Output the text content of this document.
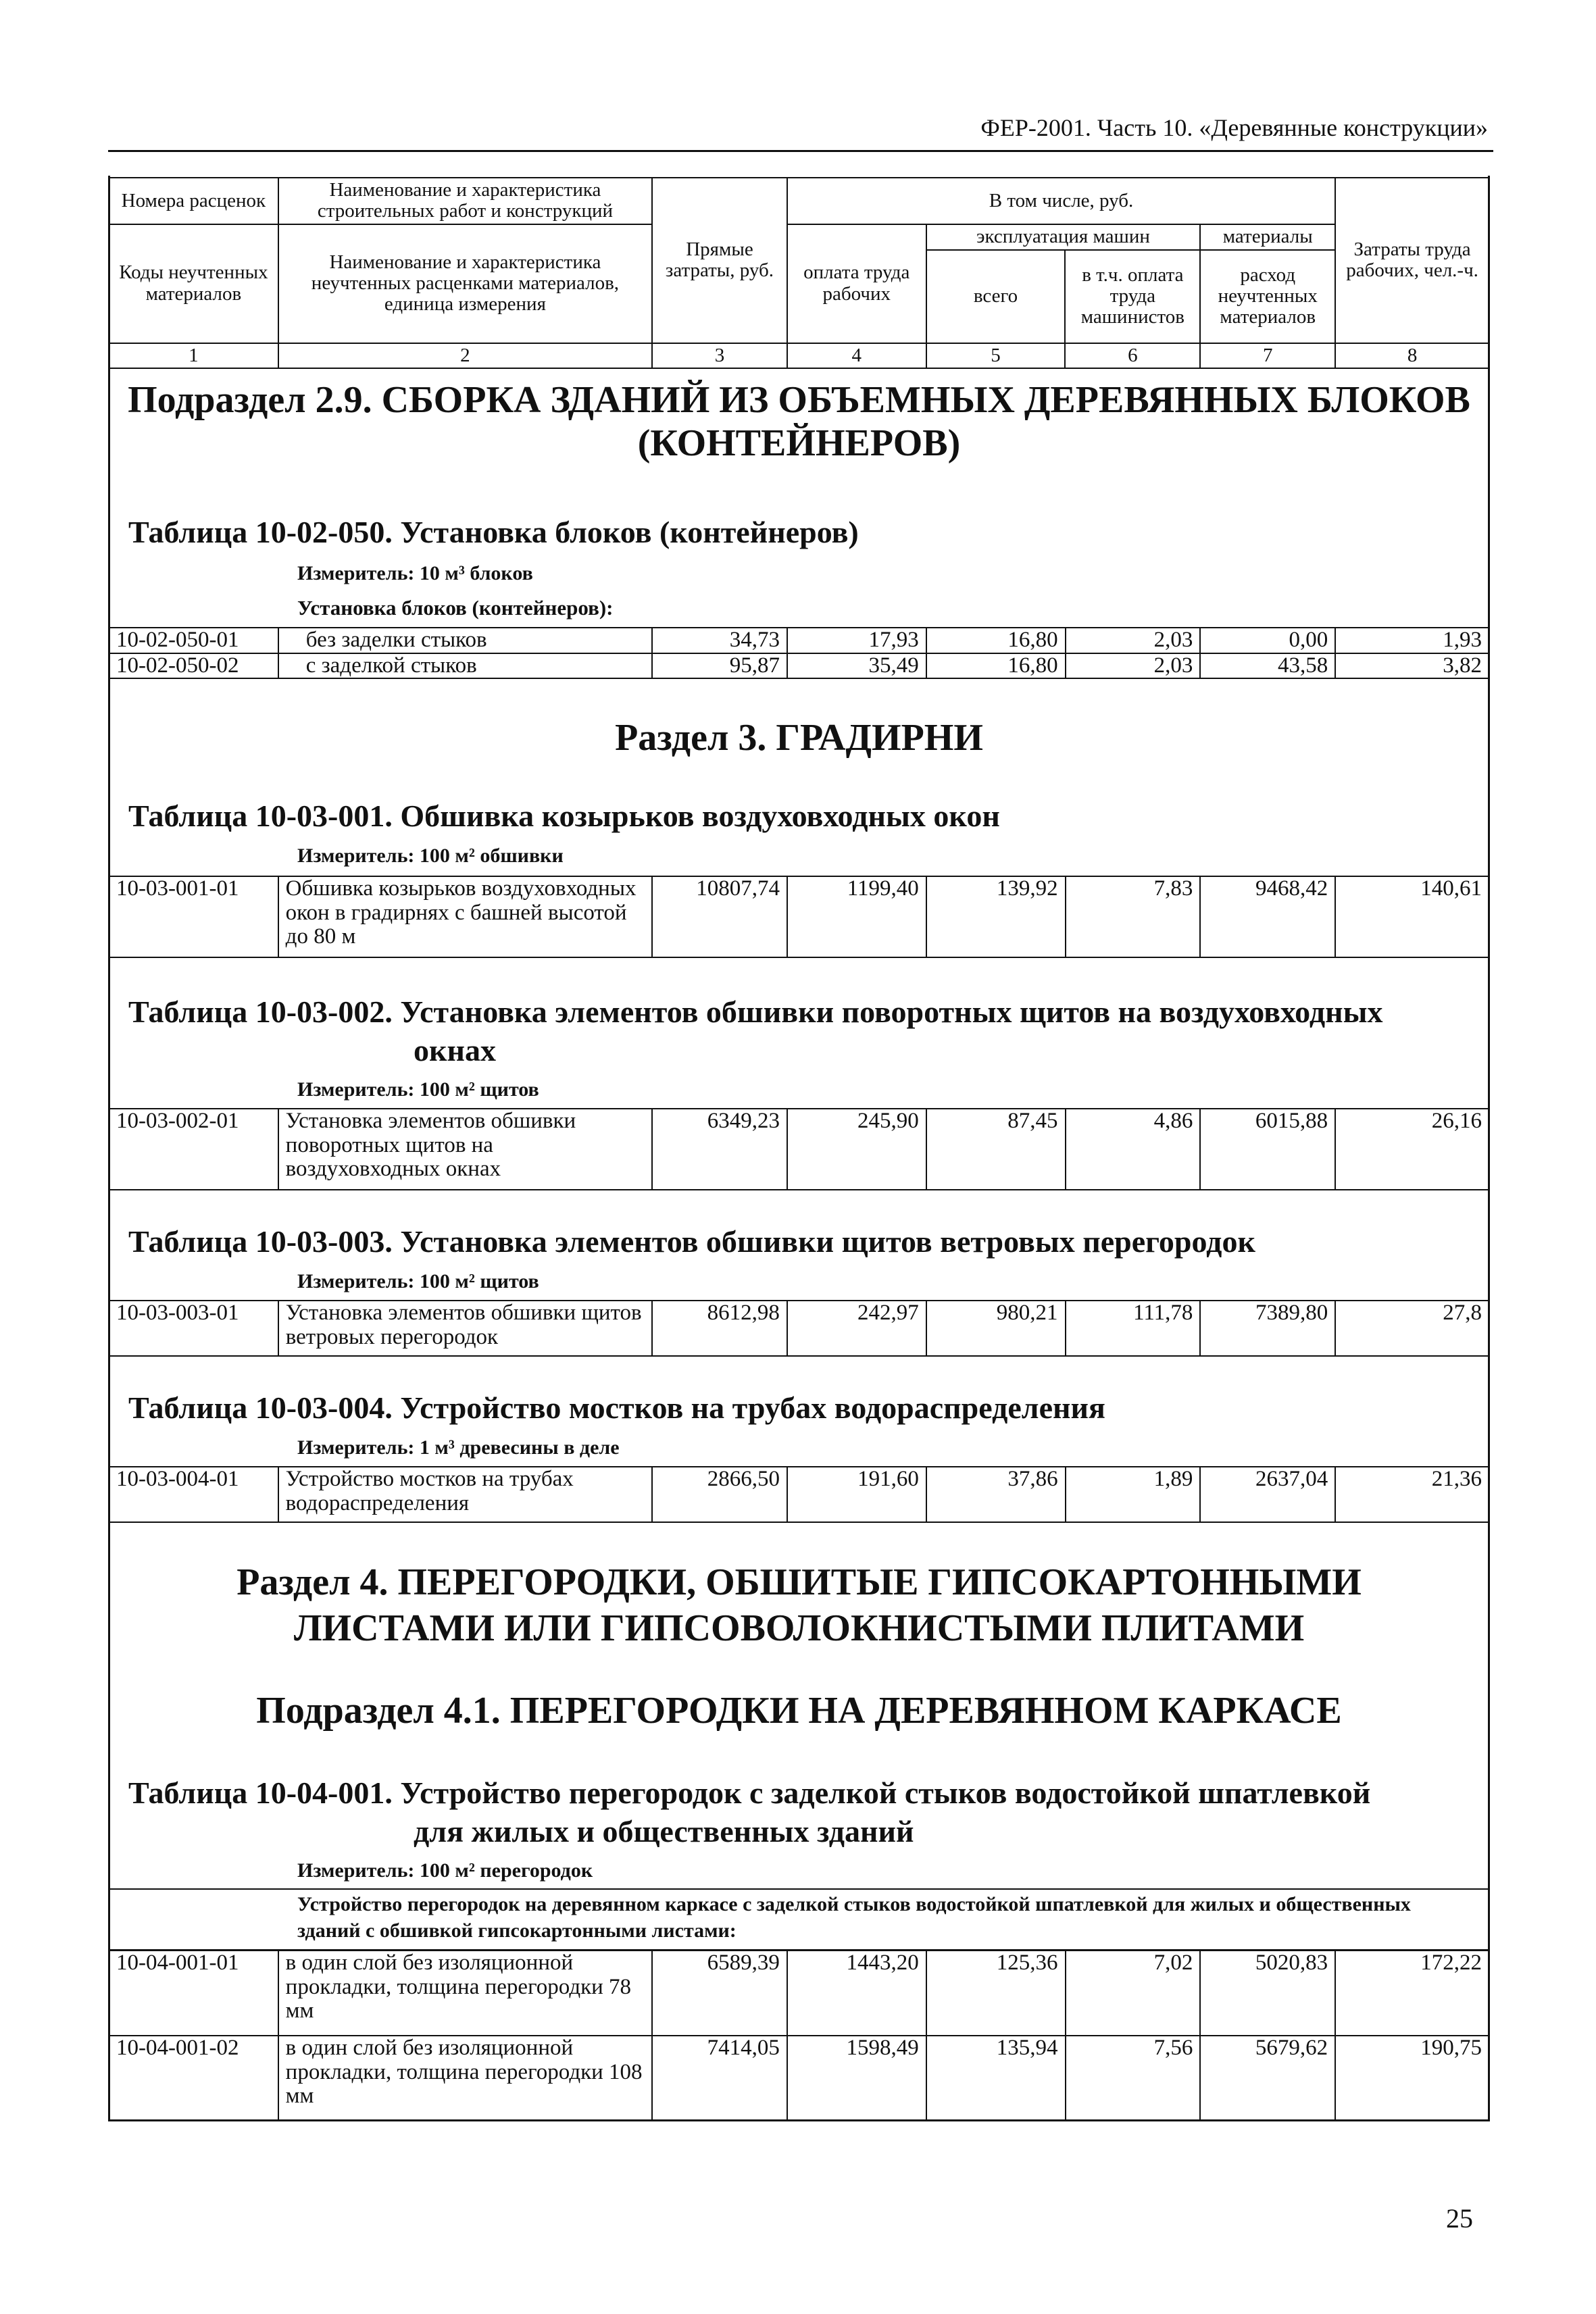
ФЕР-2001. Часть 10. «Деревянные конструкции»
Номера расценок	Наименование и характеристика строительных работ и конструкций	Прямые затраты, руб.	В том числе, руб.				Затраты труда рабочих, чел.-ч.
Коды неучтенных материалов	Наименование и характеристика неучтенных расценками материалов, единица измерения		оплата труда рабочих	эксплуатация машин		материалы	
				всего	в т.ч. оплата труда машинистов	расход неучтенных материалов	
1	2	3	4	5	6	7	8
Подраздел 2.9. СБОРКА ЗДАНИЙ ИЗ ОБЪЕМНЫХ ДЕРЕВЯННЫХ БЛОКОВ (КОНТЕЙНЕРОВ)
Таблица 10-02-050. Установка блоков (контейнеров)
Измеритель: 10 м³ блоков
Установка блоков (контейнеров):
10-02-050-01	без заделки стыков	34,73	17,93	16,80	2,03	0,00	1,93
10-02-050-02	с заделкой стыков	95,87	35,49	16,80	2,03	43,58	3,82
Раздел 3. ГРАДИРНИ
Таблица 10-03-001. Обшивка козырьков воздуховходных окон
Измеритель: 100 м² обшивки
10-03-001-01	Обшивка козырьков воздуховходных окон в градирнях с башней высотой до 80 м	10807,74	1199,40	139,92	7,83	9468,42	140,61
Таблица 10-03-002. Установка элементов обшивки поворотных щитов на воздуховходных
окнах
Измеритель: 100 м² щитов
10-03-002-01	Установка элементов обшивки поворотных щитов на воздуховходных окнах	6349,23	245,90	87,45	4,86	6015,88	26,16
Таблица 10-03-003. Установка элементов обшивки щитов ветровых перегородок
Измеритель: 100 м² щитов
10-03-003-01	Установка элементов обшивки щитов ветровых перегородок	8612,98	242,97	980,21	111,78	7389,80	27,8
Таблица 10-03-004. Устройство мостков на трубах водораспределения
Измеритель: 1 м³ древесины в деле
10-03-004-01	Устройство мостков на трубах водораспределения	2866,50	191,60	37,86	1,89	2637,04	21,36
Раздел 4. ПЕРЕГОРОДКИ, ОБШИТЫЕ ГИПСОКАРТОННЫМИ
ЛИСТАМИ ИЛИ ГИПСОВОЛОКНИСТЫМИ ПЛИТАМИ
Подраздел 4.1. ПЕРЕГОРОДКИ НА ДЕРЕВЯННОМ КАРКАСЕ
Таблица 10-04-001. Устройство перегородок с заделкой стыков водостойкой шпатлевкой
для жилых и общественных зданий
Измеритель: 100 м² перегородок
Устройство перегородок на деревянном каркасе с заделкой стыков водостойкой шпатлевкой для жилых и общественных зданий с обшивкой гипсокартонными листами:
10-04-001-01	в один слой без изоляционной прокладки, толщина перегородки 78 мм	6589,39	1443,20	125,36	7,02	5020,83	172,22
10-04-001-02	в один слой без изоляционной прокладки, толщина перегородки 108 мм	7414,05	1598,49	135,94	7,56	5679,62	190,75
25
